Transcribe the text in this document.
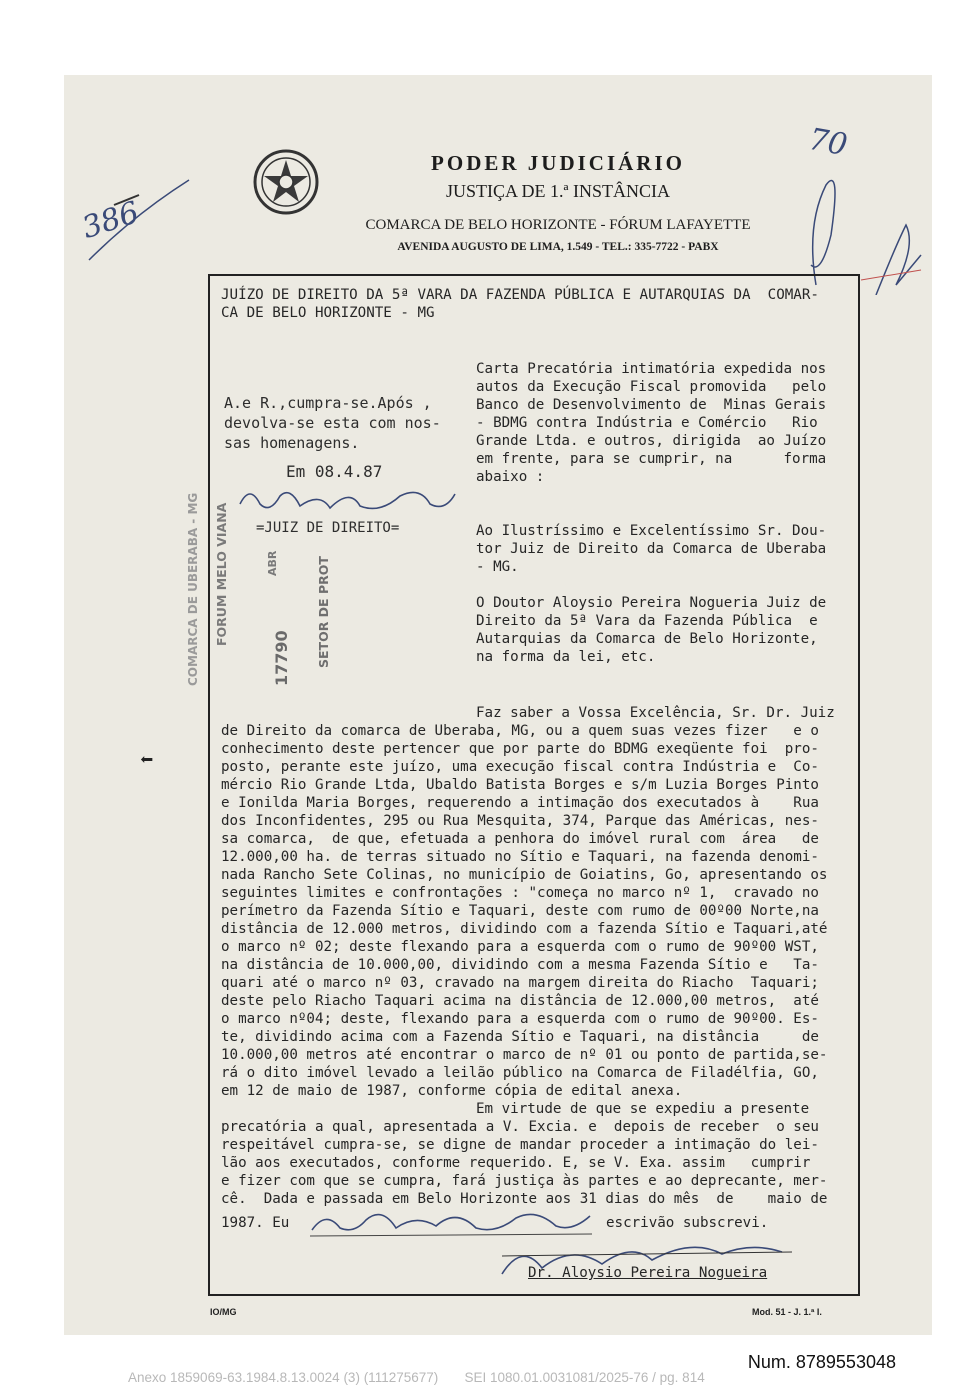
PODER JUDICIÁRIO
JUSTIÇA DE 1.ª INSTÂNCIA
COMARCA DE BELO HORIZONTE - FÓRUM LAFAYETTE
AVENIDA AUGUSTO DE LIMA, 1.549 - TEL.: 335-7722 - PABX
386
70
JUÍZO DE DIREITO DA 5ª VARA DA FAZENDA PÚBLICA E AUTARQUIAS DA  COMAR-
CA DE BELO HORIZONTE - MG
Carta Precatória intimatória expedida nos
autos da Execução Fiscal promovida   pelo
Banco de Desenvolvimento de  Minas Gerais
- BDMG contra Indústria e Comércio   Rio
Grande Ltda. e outros, dirigida  ao Juízo
em frente, para se cumprir, na      forma
abaixo :
Ao Ilustríssimo e Excelentíssimo Sr. Dou-
tor Juiz de Direito da Comarca de Uberaba
- MG.
O Doutor Aloysio Pereira Nogueria Juiz de
Direito da 5ª Vara da Fazenda Pública  e
Autarquias da Comarca de Belo Horizonte,
na forma da lei, etc.
A.e R.,cumpra-se.Após ,
devolva-se esta com nos-
sas homenagens.
Em 08.4.87
=JUIZ DE DIREITO=
COMARCA DE UBERABA - MG FORUM MELO VIANA	ABR
17790 SETOR DE PROT
Faz saber a Vossa Excelência, Sr. Dr. Juiz
de Direito da comarca de Uberaba, MG, ou a quem suas vezes fizer   e o
conhecimento deste pertencer que por parte do BDMG exeqüente foi  pro-
posto, perante este juízo, uma execução fiscal contra Indústria e  Co-
mércio Rio Grande Ltda, Ubaldo Batista Borges e s/m Luzia Borges Pinto
e Ionilda Maria Borges, requerendo a intimação dos executados à    Rua
dos Inconfidentes, 295 ou Rua Mesquita, 374, Parque das Américas, nes-
sa comarca,  de que, efetuada a penhora do imóvel rural com  área   de
12.000,00 ha. de terras situado no Sítio e Taquari, na fazenda denomi-
nada Rancho Sete Colinas, no município de Goiatins, Go, apresentando os
seguintes limites e confrontações : "começa no marco nº 1,  cravado no
perímetro da Fazenda Sítio e Taquari, deste com rumo de 00º00 Norte,na
distância de 12.000 metros, dividindo com a fazenda Sítio e Taquari,até
o marco nº 02; deste flexando para a esquerda com o rumo de 90º00 WST,
na distância de 10.000,00, dividindo com a mesma Fazenda Sítio e   Ta-
quari até o marco nº 03, cravado na margem direita do Riacho  Taquari;
deste pelo Riacho Taquari acima na distância de 12.000,00 metros,  até
o marco nº04; deste, flexando para a esquerda com o rumo de 90º00. Es-
te, dividindo acima com a Fazenda Sítio e Taquari, na distância     de
10.000,00 metros até encontrar o marco de nº 01 ou ponto de partida,se-
rá o dito imóvel levado a leilão público na Comarca de Filadélfia, GO,
em 12 de maio de 1987, conforme cópia de edital anexa.
Em virtude de que se expediu a presente
precatória a qual, apresentada a V. Excia. e  depois de receber  o seu
respeitável cumpra-se, se digne de mandar proceder a intimação do lei-
lão aos executados, conforme requerido. E, se V. Exa. assim   cumprir
e fizer com que se cumpra, fará justiça às partes e ao deprecante, mer-
cê.  Dada e passada em Belo Horizonte aos 31 dias do mês  de    maio de
1987. Eu	escrivão subscrevi.
Dr. Aloysio Pereira Nogueira
IO/MG	Mod. 51 - J. 1.ª I.
⬅
Num. 8789553048
Anexo 1859069-63.1984.8.13.0024 (3) (111275677)       SEI 1080.01.0031081/2025-76 / pg. 814
